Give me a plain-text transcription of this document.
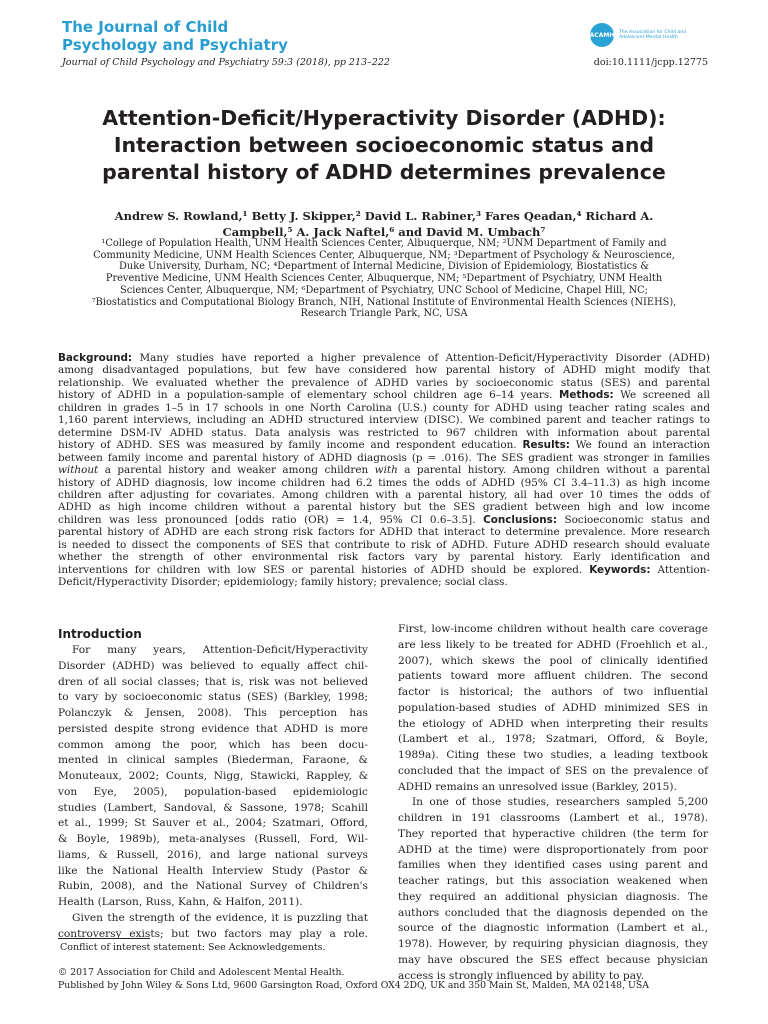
The Journal of Child
Psychology and Psychiatry
ACAMH The Association for Child and Adolescent Mental Health
Journal of Child Psychology and Psychiatry 59:3 (2018), pp 213–222	doi:10.1111/jcpp.12775
Attention-Deficit/Hyperactivity Disorder (ADHD):
Interaction between socioeconomic status and
parental history of ADHD determines prevalence
Andrew S. Rowland,¹ Betty J. Skipper,² David L. Rabiner,³ Fares Qeadan,⁴ Richard A.
Campbell,⁵ A. Jack Naftel,⁶ and David M. Umbach⁷
¹College of Population Health, UNM Health Sciences Center, Albuquerque, NM; ²UNM Department of Family and
Community Medicine, UNM Health Sciences Center, Albuquerque, NM; ³Department of Psychology & Neuroscience,
Duke University, Durham, NC; ⁴Department of Internal Medicine, Division of Epidemiology, Biostatistics &
Preventive Medicine, UNM Health Sciences Center, Albuquerque, NM; ⁵Department of Psychiatry, UNM Health
Sciences Center, Albuquerque, NM; ⁶Department of Psychiatry, UNC School of Medicine, Chapel Hill, NC;
⁷Biostatistics and Computational Biology Branch, NIH, National Institute of Environmental Health Sciences (NIEHS),
Research Triangle Park, NC, USA
Background: Many studies have reported a higher prevalence of Attention-Deficit/Hyperactivity Disorder (ADHD)
among disadvantaged populations, but few have considered how parental history of ADHD might modify that
relationship. We evaluated whether the prevalence of ADHD varies by socioeconomic status (SES) and parental
history of ADHD in a population-sample of elementary school children age 6–14 years. Methods: We screened all
children in grades 1–5 in 17 schools in one North Carolina (U.S.) county for ADHD using teacher rating scales and
1,160 parent interviews, including an ADHD structured interview (DISC). We combined parent and teacher ratings to
determine DSM-IV ADHD status. Data analysis was restricted to 967 children with information about parental
history of ADHD. SES was measured by family income and respondent education. Results: We found an interaction
between family income and parental history of ADHD diagnosis (p = .016). The SES gradient was stronger in families
without a parental history and weaker among children with a parental history. Among children without a parental
history of ADHD diagnosis, low income children had 6.2 times the odds of ADHD (95% CI 3.4–11.3) as high income
children after adjusting for covariates. Among children with a parental history, all had over 10 times the odds of
ADHD as high income children without a parental history but the SES gradient between high and low income
children was less pronounced [odds ratio (OR) = 1.4, 95% CI 0.6–3.5]. Conclusions: Socioeconomic status and
parental history of ADHD are each strong risk factors for ADHD that interact to determine prevalence. More research
is needed to dissect the components of SES that contribute to risk of ADHD. Future ADHD research should evaluate
whether the strength of other environmental risk factors vary by parental history. Early identification and
interventions for children with low SES or parental histories of ADHD should be explored. Keywords: Attention-
Deficit/Hyperactivity Disorder; epidemiology; family history; prevalence; social class.
Introduction
For many years, Attention-Deficit/Hyperactivity
Disorder (ADHD) was believed to equally affect chil-
dren of all social classes; that is, risk was not believed
to vary by socioeconomic status (SES) (Barkley, 1998;
Polanczyk & Jensen, 2008). This perception has
persisted despite strong evidence that ADHD is more
common among the poor, which has been docu-
mented in clinical samples (Biederman, Faraone, &
Monuteaux, 2002; Counts, Nigg, Stawicki, Rappley, &
von Eye, 2005), population-based epidemiologic
studies (Lambert, Sandoval, & Sassone, 1978; Scahill
et al., 1999; St Sauver et al., 2004; Szatmari, Offord,
& Boyle, 1989b), meta-analyses (Russell, Ford, Wil-
liams, & Russell, 2016), and large national surveys
like the National Health Interview Study (Pastor &
Rubin, 2008), and the National Survey of Children's
Health (Larson, Russ, Kahn, & Halfon, 2011).
Given the strength of the evidence, it is puzzling that
controversy exists; but two factors may play a role.
First, low-income children without health care coverage
are less likely to be treated for ADHD (Froehlich et al.,
2007), which skews the pool of clinically identified
patients toward more affluent children. The second
factor is historical; the authors of two influential
population-based studies of ADHD minimized SES in
the etiology of ADHD when interpreting their results
(Lambert et al., 1978; Szatmari, Offord, & Boyle,
1989a). Citing these two studies, a leading textbook
concluded that the impact of SES on the prevalence of
ADHD remains an unresolved issue (Barkley, 2015).
In one of those studies, researchers sampled 5,200
children in 191 classrooms (Lambert et al., 1978).
They reported that hyperactive children (the term for
ADHD at the time) were disproportionately from poor
families when they identified cases using parent and
teacher ratings, but this association weakened when
they required an additional physician diagnosis. The
authors concluded that the diagnosis depended on the
source of the diagnostic information (Lambert et al.,
1978). However, by requiring physician diagnosis, they
may have obscured the SES effect because physician
access is strongly influenced by ability to pay.
Conflict of interest statement: See Acknowledgements.
© 2017 Association for Child and Adolescent Mental Health.
Published by John Wiley & Sons Ltd, 9600 Garsington Road, Oxford OX4 2DQ, UK and 350 Main St, Malden, MA 02148, USA
